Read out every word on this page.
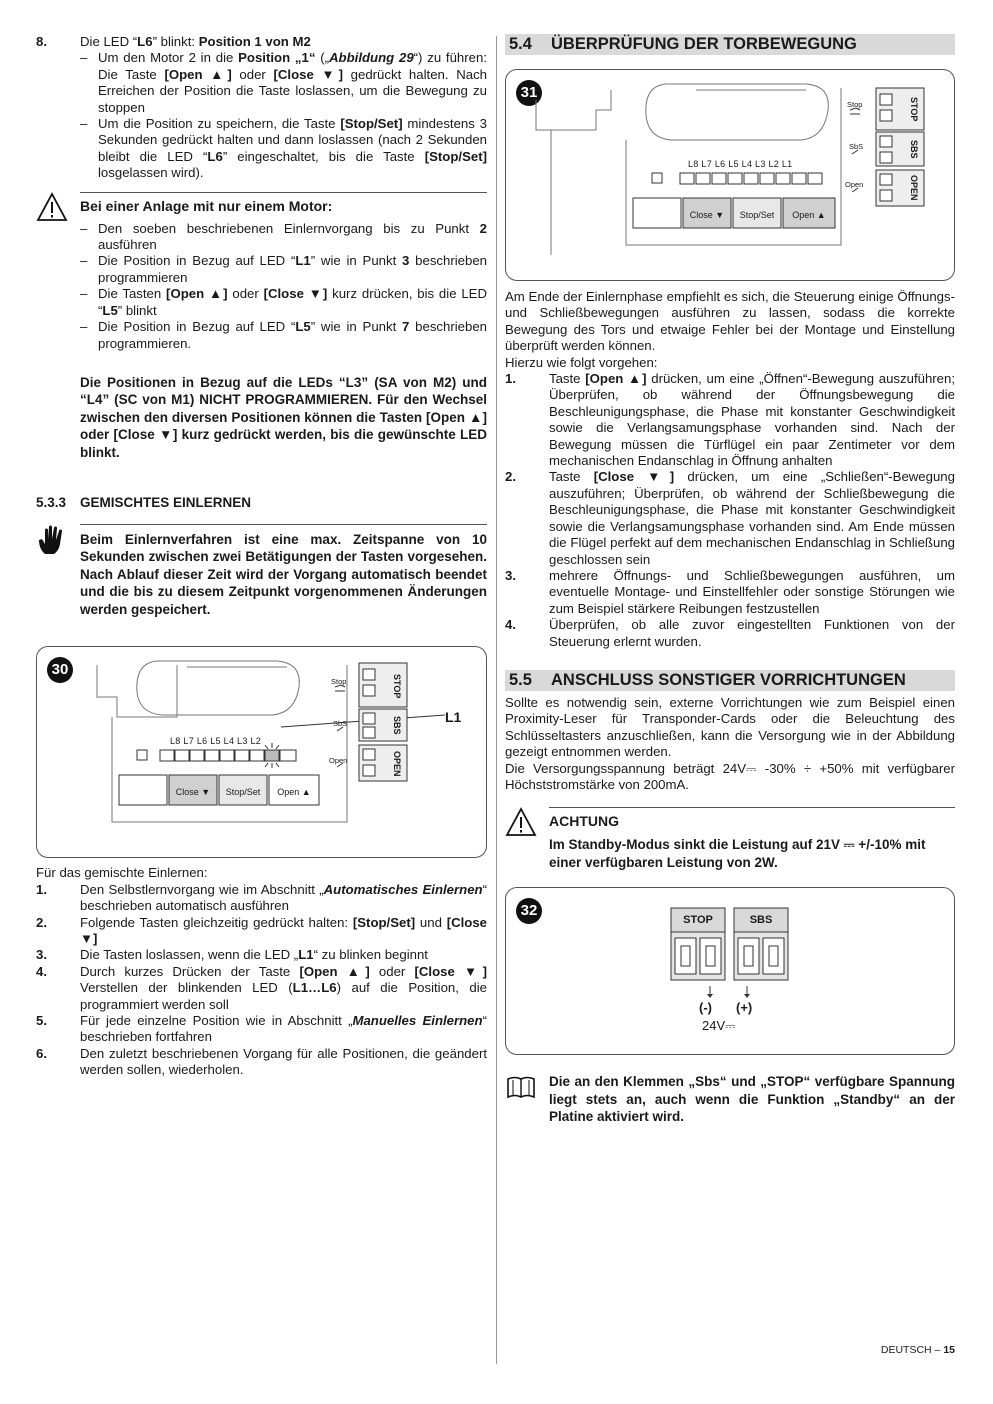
8.	Die LED “L6” blinkt: Position 1 von M2
– Um den Motor 2 in die Position „1“ („Abbildung 29“) zu führen: Die Taste [Open ▲] oder [Close ▼] gedrückt halten. Nach Erreichen der Position die Taste loslassen, um die Bewegung zu stoppen
– Um die Position zu speichern, die Taste [Stop/Set] mindestens 3 Sekunden gedrückt halten und dann loslassen (nach 2 Sekunden bleibt die LED “L6” eingeschaltet, bis die Taste [Stop/Set] losgelassen wird).
Bei einer Anlage mit nur einem Motor:
– Den soeben beschriebenen Einlernvorgang bis zu Punkt 2 ausführen
– Die Position in Bezug auf LED “L1” wie in Punkt 3 beschrieben programmieren
– Die Tasten [Open ▲] oder [Close ▼] kurz drücken, bis die LED “L5” blinkt
– Die Position in Bezug auf LED “L5” wie in Punkt 7 beschrieben programmieren.
Die Positionen in Bezug auf die LEDs “L3” (SA von M2) und “L4” (SC von M1) NICHT PROGRAMMIEREN. Für den Wechsel zwischen den diversen Positionen können die Tasten [Open ▲] oder [Close ▼] kurz gedrückt werden, bis die gewünschte LED blinkt.
5.3.3 GEMISCHTES EINLERNEN
Beim Einlernverfahren ist eine max. Zeitspanne von 10 Sekunden zwischen zwei Betätigungen der Tasten vorgesehen. Nach Ablauf dieser Zeit wird der Vorgang automatisch beendet und die bis zu diesem Zeitpunkt vorgenommenen Änderungen werden gespeichert.
30
L8 L7 L6 L5 L4 L3 L2
L1
Close ▼	Stop/Set	Open ▲
Stop
SbS
Open
STOP
SBS
OPEN
Für das gemischte Einlernen:
1.	Den Selbstlernvorgang wie im Abschnitt „Automatisches Einlernen“ beschrieben automatisch ausführen
2.	Folgende Tasten gleichzeitig gedrückt halten: [Stop/Set] und [Close ▼]
3.	Die Tasten loslassen, wenn die LED „L1“ zu blinken beginnt
4.	Durch kurzes Drücken der Taste [Open ▲] oder [Close ▼] Verstellen der blinkenden LED (L1…L6) auf die Position, die programmiert werden soll
5.	Für jede einzelne Position wie in Abschnitt „Manuelles Einlernen“ beschrieben fortfahren
6.	Den zuletzt beschriebenen Vorgang für alle Positionen, die geändert werden sollen, wiederholen.
5.4 ÜBERPRÜFUNG DER TORBEWEGUNG
31
L8 L7 L6 L5 L4 L3 L2 L1
Close ▼	Stop/Set	Open ▲
Stop
SbS
Open
STOP
SBS
OPEN
Am Ende der Einlernphase empfiehlt es sich, die Steuerung einige Öffnungs- und Schließbewegungen ausführen zu lassen, sodass die korrekte Bewegung des Tors und etwaige Fehler bei der Montage und Einstellung überprüft werden können.
Hierzu wie folgt vorgehen:
1.	Taste [Open ▲] drücken, um eine „Öffnen“-Bewegung auszuführen; Überprüfen, ob während der Öffnungsbewegung die Beschleunigungsphase, die Phase mit konstanter Geschwindigkeit sowie die Verlangsamungsphase vorhanden sind. Nach der Bewegung müssen die Türflügel ein paar Zentimeter vor dem mechanischen Endanschlag in Öffnung anhalten
2.	Taste [Close ▼] drücken, um eine „Schließen“-Bewegung auszuführen; Überprüfen, ob während der Schließbewegung die Beschleunigungsphase, die Phase mit konstanter Geschwindigkeit sowie die Verlangsamungsphase vorhanden sind. Am Ende müssen die Flügel perfekt auf dem mechanischen Endanschlag in Schließung geschlossen sein
3.	mehrere Öffnungs- und Schließbewegungen ausführen, um eventuelle Montage- und Einstellfehler oder sonstige Störungen wie zum Beispiel stärkere Reibungen festzustellen
4.	Überprüfen, ob alle zuvor eingestellten Funktionen von der Steuerung erlernt wurden.
5.5 ANSCHLUSS SONSTIGER VORRICHTUNGEN
Sollte es notwendig sein, externe Vorrichtungen wie zum Beispiel einen Proximity-Leser für Transponder-Cards oder die Beleuchtung des Schlüsseltasters anzuschließen, kann die Versorgung wie in der Abbildung gezeigt entnommen werden.
Die Versorgungsspannung beträgt 24V⎓ -30% ÷ +50% mit verfügbarer Höchststromstärke von 200mA.
ACHTUNG
Im Standby-Modus sinkt die Leistung auf 21V ⎓ +/-10% mit einer verfügbaren Leistung von 2W.
32
STOP	SBS
(-) (+)
24V⎓
Die an den Klemmen „Sbs“ und „STOP“ verfügbare Spannung liegt stets an, auch wenn die Funktion „Standby“ an der Platine aktiviert wird.
DEUTSCH – 15
